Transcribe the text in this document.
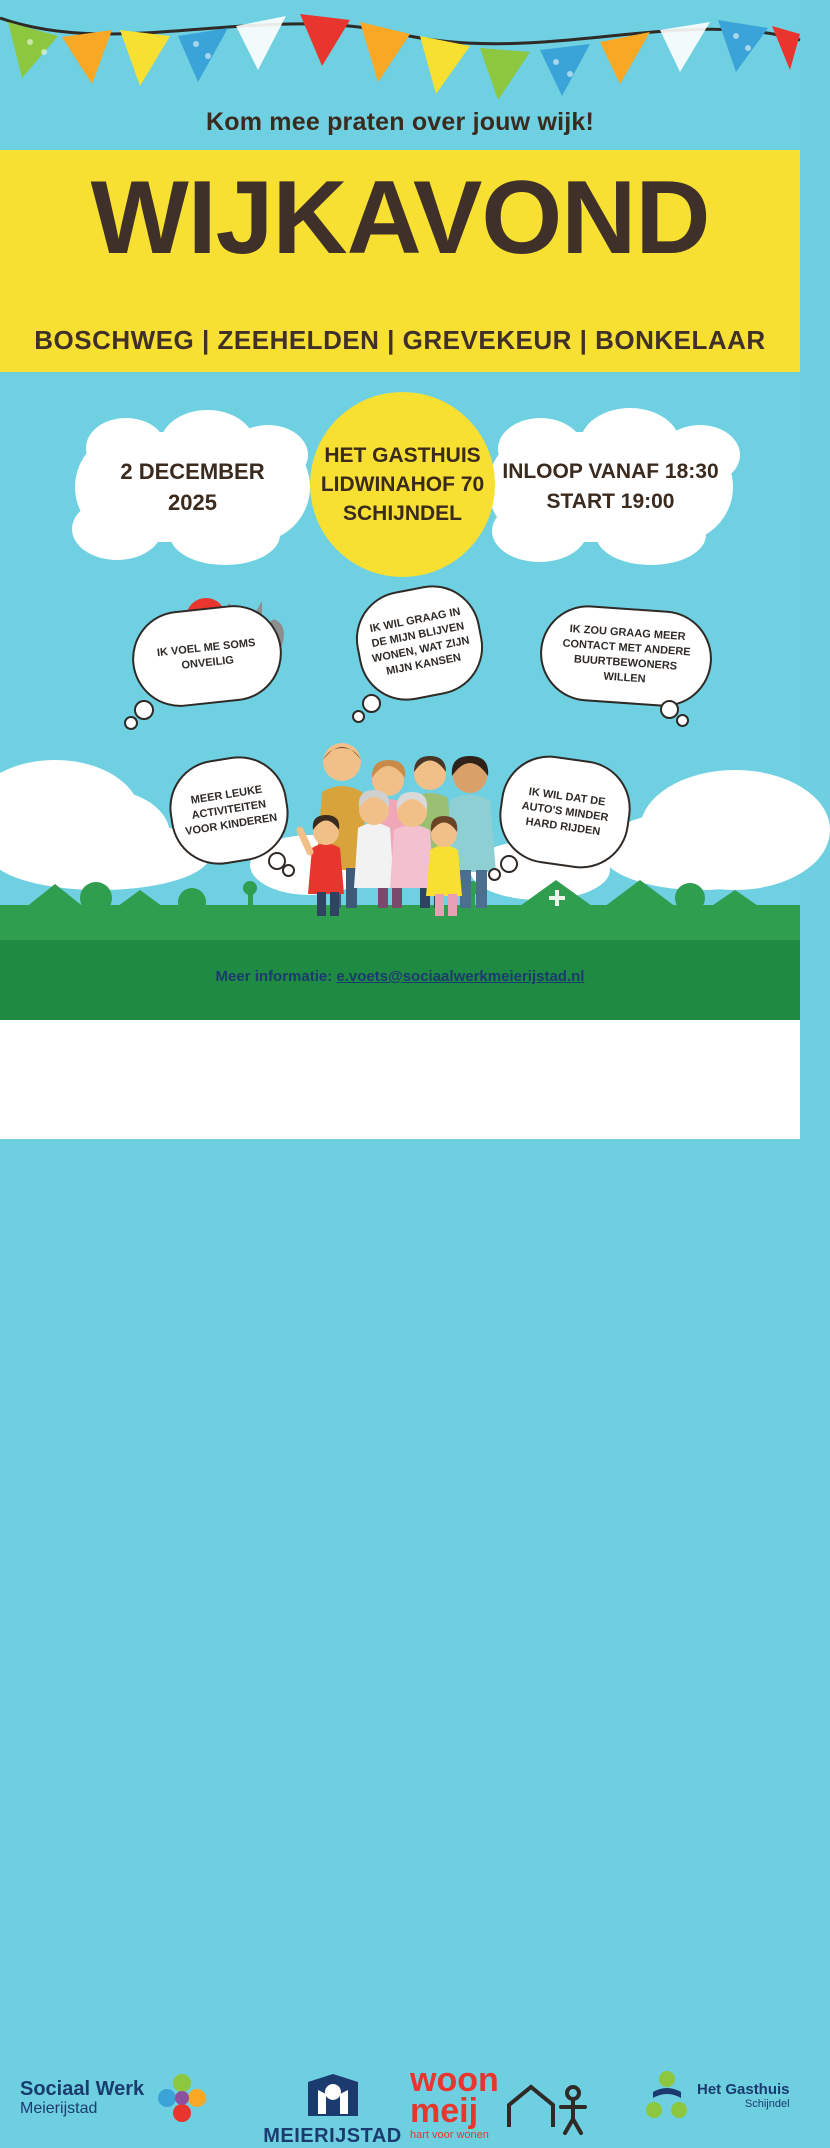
Kom mee praten over jouw wijk!
WIJKAVOND
BOSCHWEG | ZEEHELDEN | GREVEKEUR | BONKELAAR
2 DECEMBER
2025
INLOOP VANAF 18:30
START 19:00
HET GASTHUIS
LIDWINAHOF 70
SCHIJNDEL
IK VOEL ME SOMS ONVEILIG
IK WIL GRAAG IN DE MIJN BLIJVEN WONEN, WAT ZIJN MIJN KANSEN
IK ZOU GRAAG MEER CONTACT MET ANDERE BUURTBEWONERS WILLEN
MEER LEUKE ACTIVITEITEN VOOR KINDEREN
IK WIL DAT DE AUTO'S MINDER HARD RIJDEN
Meer informatie: e.voets@sociaalwerkmeierijstad.nl
Sociaal Werk
Meierijstad
MEIERIJSTAD
woon
meij
hart voor wonen
Het Gasthuis
Schijndel
